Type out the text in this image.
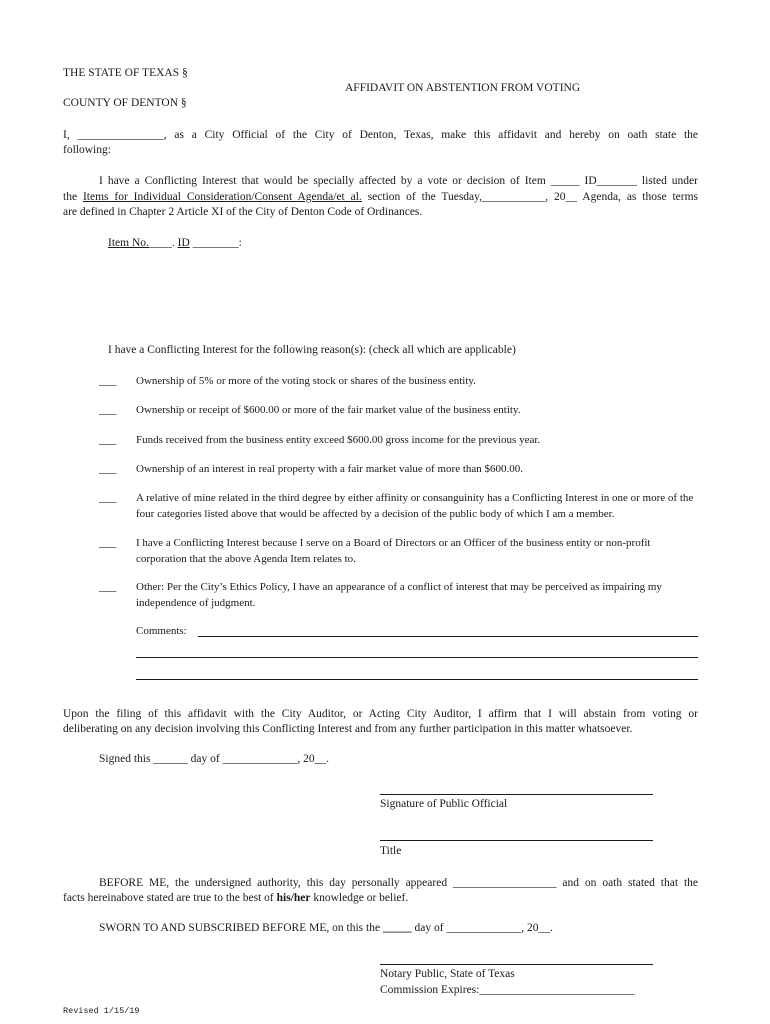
THE STATE OF TEXAS §
AFFIDAVIT ON ABSTENTION FROM VOTING
COUNTY OF DENTON §
I, _______________, as a City Official of the City of Denton, Texas, make this affidavit and hereby on oath state the
following:
I have a Conflicting Interest that would be specially affected by a vote or decision of Item _____ ID_______ listed under
the Items for Individual Consideration/Consent Agenda/et al. section of the Tuesday,___________, 20__ Agenda, as those terms
are defined in Chapter 2 Article XI of the City of Denton Code of Ordinances.
Item No.____. ID ________:
I have a Conflicting Interest for the following reason(s): (check all which are applicable)
___ Ownership of 5% or more of the voting stock or shares of the business entity.
___ Ownership or receipt of $600.00 or more of the fair market value of the business entity.
___ Funds received from the business entity exceed $600.00 gross income for the previous year.
___ Ownership of an interest in real property with a fair market value of more than $600.00.
___ A relative of mine related in the third degree by either affinity or consanguinity has a Conflicting Interest in one or more of the four categories listed above that would be affected by a decision of the public body of which I am a member.
___ I have a Conflicting Interest because I serve on a Board of Directors or an Officer of the business entity or non-profit corporation that the above Agenda Item relates to.
___ Other: Per the City’s Ethics Policy, I have an appearance of a conflict of interest that may be perceived as impairing my independence of judgment.
Comments:
Upon the filing of this affidavit with the City Auditor, or Acting City Auditor, I affirm that I will abstain from voting or
deliberating on any decision involving this Conflicting Interest and from any further participation in this matter whatsoever.
Signed this ______ day of _____________, 20__.
Signature of Public Official
Title
BEFORE ME, the undersigned authority, this day personally appeared __________________ and on oath stated that the
facts hereinabove stated are true to the best of his/her knowledge or belief.
SWORN TO AND SUBSCRIBED BEFORE ME, on this the _____ day of _____________, 20__.
Notary Public, State of Texas
Commission Expires:___________________________
Revised 1/15/19
